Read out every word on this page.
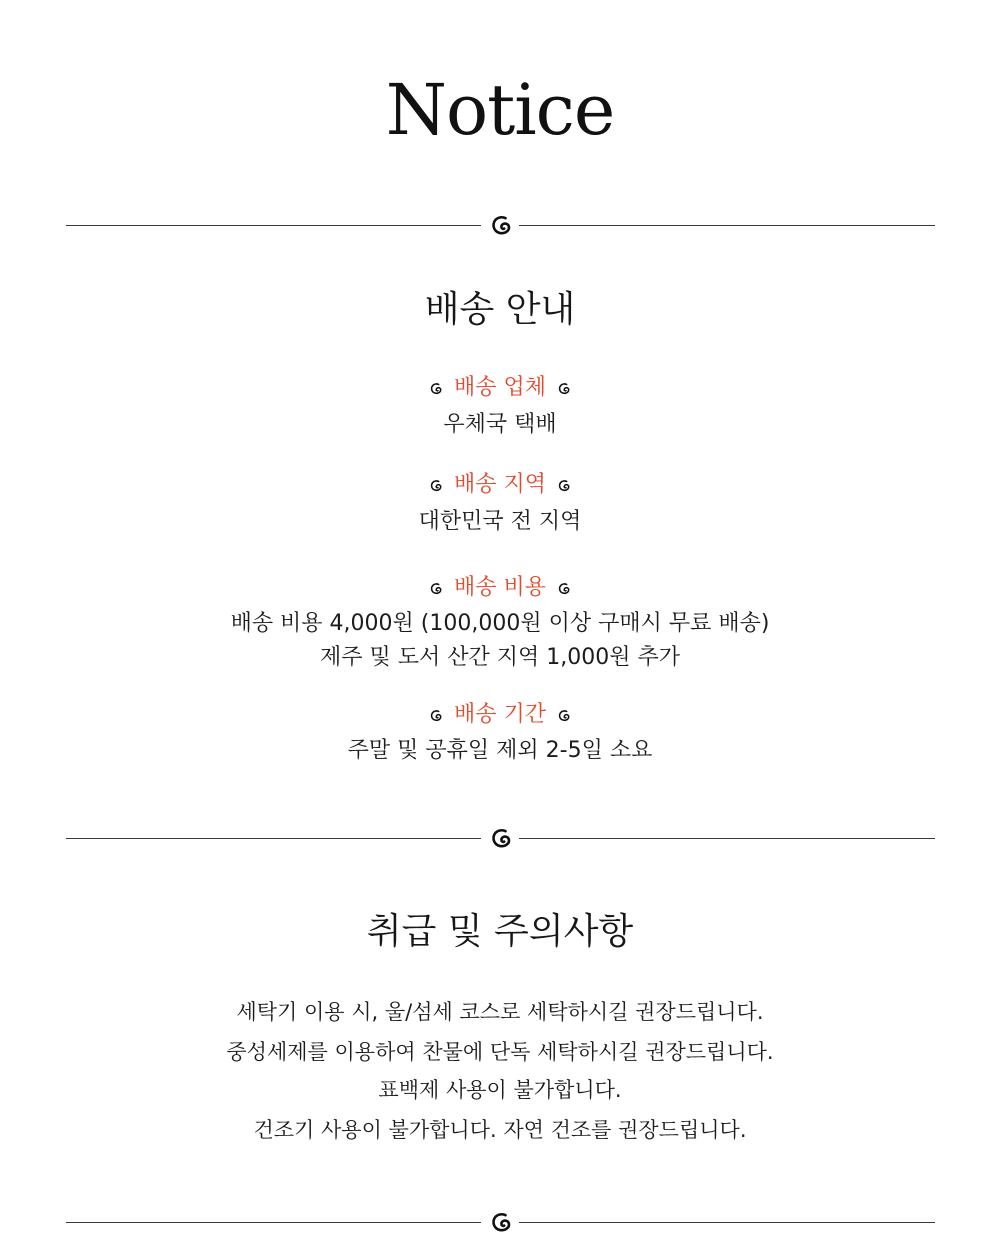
Notice
배송 안내
배송 업체
우체국 택배
배송 지역
대한민국 전 지역
배송 비용
배송 비용 4,000원 (100,000원 이상 구매시 무료 배송)
제주 및 도서 산간 지역 1,000원 추가
배송 기간
주말 및 공휴일 제외 2-5일 소요
취급 및 주의사항
세탁기 이용 시, 울/섬세 코스로 세탁하시길 권장드립니다.
중성세제를 이용하여 찬물에 단독 세탁하시길 권장드립니다.
표백제 사용이 불가합니다.
건조기 사용이 불가합니다. 자연 건조를 권장드립니다.
